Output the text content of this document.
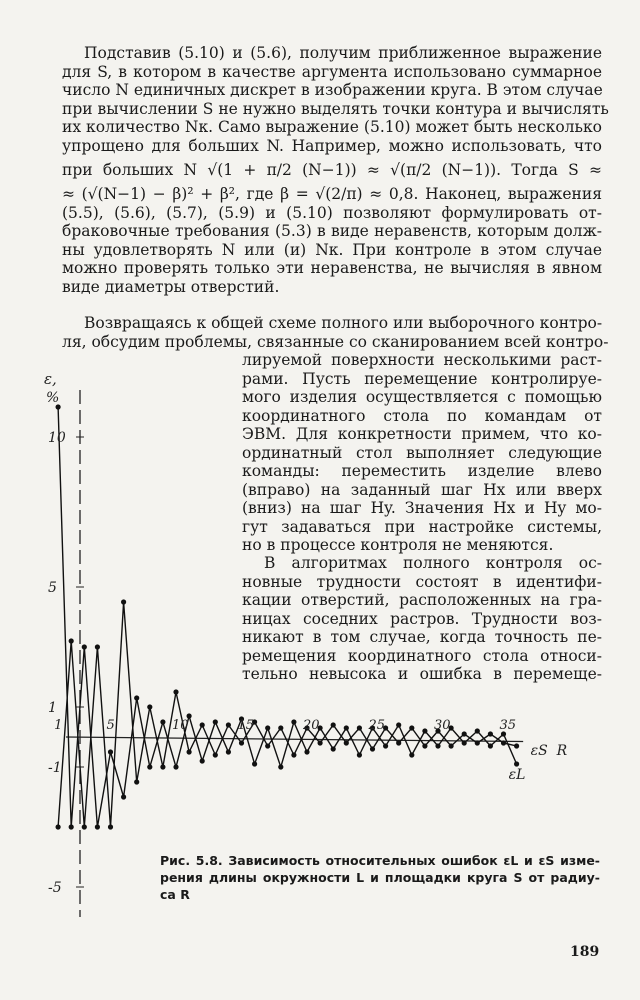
Подставив (5.10) и (5.6), получим приближенное выражение
для S, в котором в качестве аргумента использовано суммарное
число N единичных дискрет в изображении круга. В этом случае
при вычислении S не нужно выделять точки контура и вычислять
их количество Nк. Само выражение (5.10) может быть несколько
упрощено для больших N. Например, можно использовать, что
при больших N √(1 + π/2 (N−1)) ≈ √(π/2 (N−1)). Тогда S ≈
≈ (√(N−1) − β)² + β², где β = √(2/π) ≈ 0,8. Наконец, выражения
(5.5), (5.6), (5.7), (5.9) и (5.10) позволяют формулировать от-
браковочные требования (5.3) в виде неравенств, которым долж-
ны удовлетворять N или (и) Nк. При контроле в этом случае
можно проверять только эти неравенства, не вычисляя в явном
виде диаметры отверстий.
Возвращаясь к общей схеме полного или выборочного контро-
ля, обсудим проблемы, связанные со сканированием всей контро-
лируемой поверхности несколькими раст-
рами. Пусть перемещение контролируе-
мого изделия осуществляется с помощью
координатного стола по командам от
ЭВМ. Для конкретности примем, что ко-
ординатный стол выполняет следующие
команды: переместить изделие влево
(вправо) на заданный шаг Hx или вверх
(вниз) на шаг Hy. Значения Hx и Hy мо-
гут задаваться при настройке системы,
но в процессе контроля не меняются.
В алгоритмах полного контроля ос-
новные трудности состоят в идентифи-
кации отверстий, расположенных на гра-
ницах соседних растров. Трудности воз-
никают в том случае, когда точность пе-
ремещения координатного стола относи-
тельно невысока и ошибка в перемеще-
10
5
1
-1
-5
ε,
%
1	5	10	15	20	25	30	35
R
εS
εL
Рис. 5.8. Зависимость относительных ошибок εL и εS изме-
рения длины окружности L и площадки круга S от радиу-
са R
189
